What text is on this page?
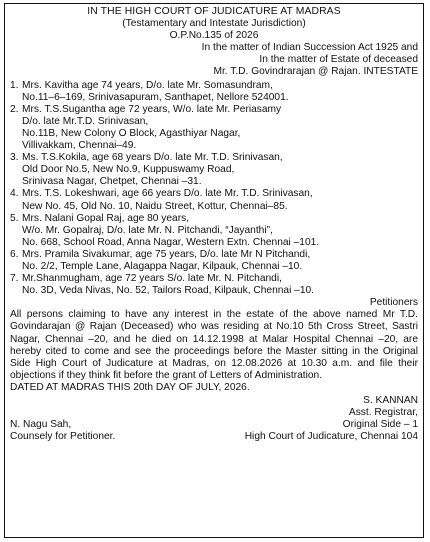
IN THE HIGH COURT OF JUDICATURE AT MADRAS
(Testamentary and Intestate Jurisdiction)
O.P.No.135 of 2026
In the matter of Indian Succession Act 1925 and
In the matter of Estate of deceased
Mr. T.D. Govindrarajan @ Rajan. INTESTATE
1. Mrs. Kavitha age 74 years, D/o. late Mr. Somasundram,
No.11–6–169, Srinivasapuram, Santhapet, Nellore 524001.
2. Mrs. T.S.Sugantha age 72 years, W/o. late Mr. Periasamy
D/o. late Mr.T.D. Srinivasan,
No.11B, New Colony O Block, Agasthiyar Nagar,
Villivakkam, Chennai–49.
3. Ms. T.S.Kokila, age 68 years D/o. late Mr. T.D. Srinivasan,
Old Door No.5, New No.9, Kuppuswamy Road,
Srinivasa Nagar, Chetpet, Chennai –31.
4. Mrs. T.S. Lokeshwari, age 66 years D/o. late Mr. T.D. Srinivasan,
New No. 45, Old No. 10, Naidu Street, Kottur, Chennai–85.
5. Mrs. Nalani Gopal Raj, age 80 years,
W/o. Mr. Gopalraj, D/o. late Mr. N. Pitchandi, “Jayanthi”,
No. 668, School Road, Anna Nagar, Western Extn. Chennai –101.
6. Mrs. Pramila Sivakumar, age 75 years, D/o. late Mr N Pitchandi,
No. 2/2, Temple Lane, Alagappa Nagar, Kilpauk, Chennai –10.
7. Mr.Shanmugham, age 72 years S/o. late Mr. N. Pitchandi,
No. 3D, Veda Nivas, No. 52, Tailors Road, Kilpauk, Chennai –10.
Petitioners
All persons claiming to have any interest in the estate of the above named Mr T.D. Govindarajan @ Rajan (Deceased) who was residing at No.10 5th Cross Street, Sastri Nagar, Chennai –20, and he died on 14.12.1998 at Malar Hospital Chennai –20, are hereby cited to come and see the proceedings before the Master sitting in the Original Side High Court of Judicature at Madras, on 12.08.2026 at 10.30 a.m. and file their objections if they think fit before the grant of Letters of Administration.
DATED AT MADRAS THIS 20th DAY OF JULY, 2026.
S. KANNAN
Asst. Registrar,
Original Side – 1
High Court of Judicature, Chennai 104
N. Nagu Sah,
Counsely for Petitioner.
